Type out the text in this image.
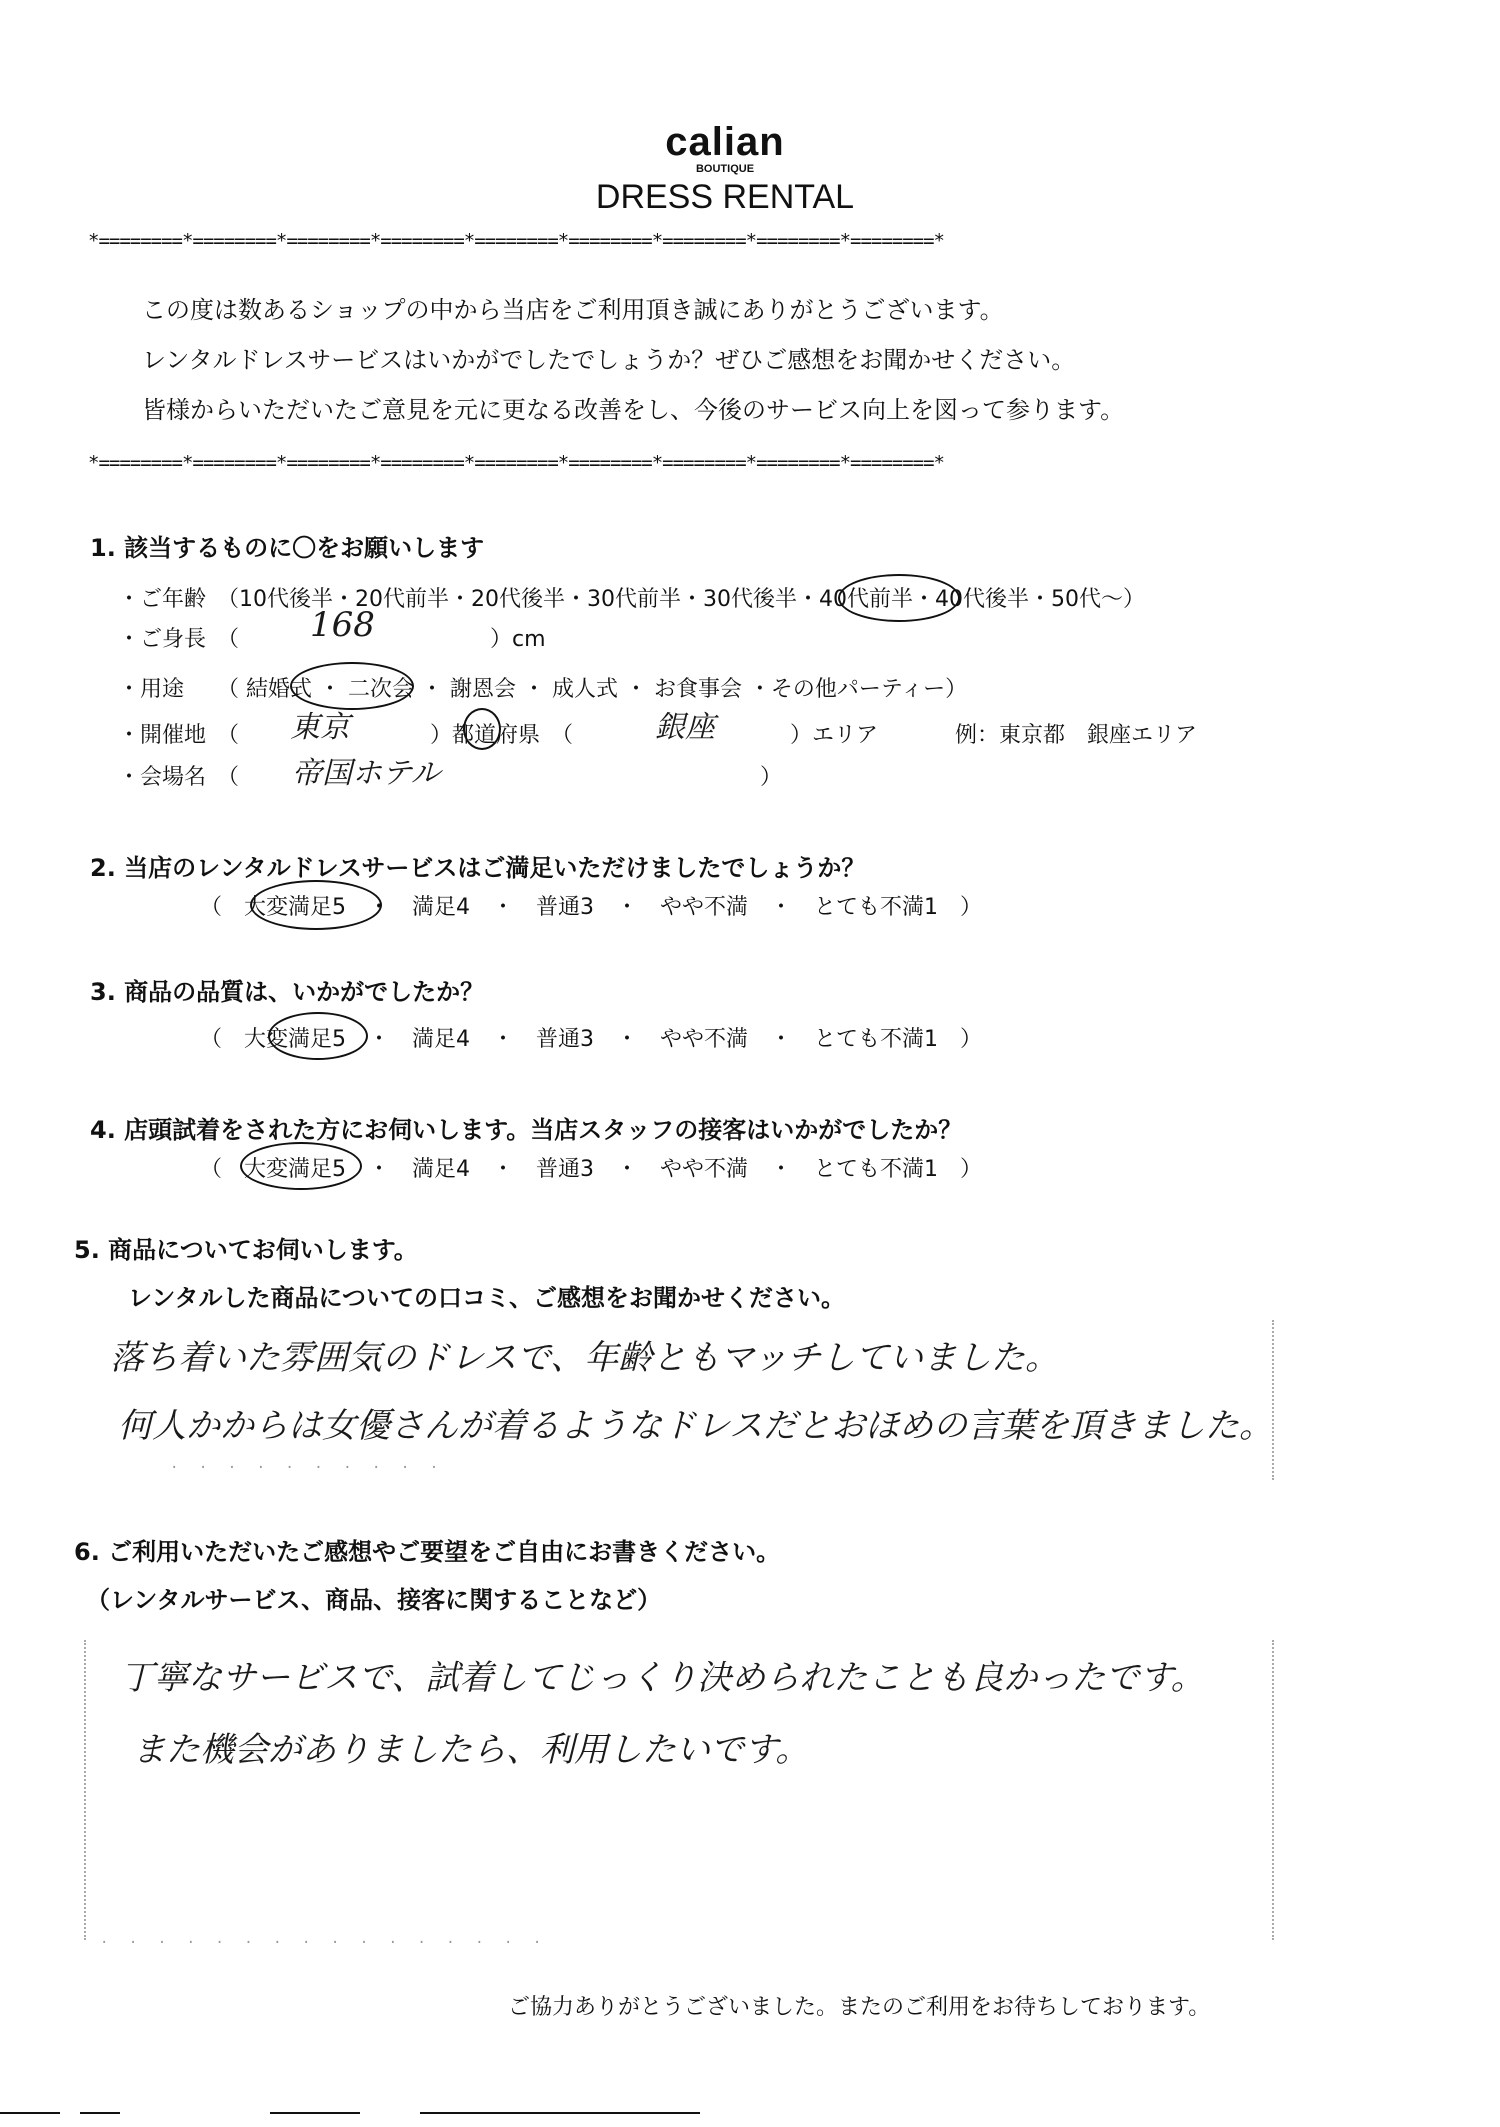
calian
BOUTIQUE
DRESS RENTAL
*========*========*========*========*========*========*========*========*========*
この度は数あるショップの中から当店をご利用頂き誠にありがとうございます。
レンタルドレスサービスはいかがでしたでしょうか？ぜひご感想をお聞かせください。
皆様からいただいたご意見を元に更なる改善をし、今後のサービス向上を図って参ります。
*========*========*========*========*========*========*========*========*========*
1. 該当するものに〇をお願いします
・ご年齢　（10代後半・20代前半・20代後半・30代前半・30代後半・40代前半・40代後半・50代～）
・ご身長　（ 168	）cm
・用途　　（ 結婚式 ・ 二次会 ・ 謝恩会 ・ 成人式 ・ お食事会 ・その他パーティー）
・開催地　（ 東京	）都道府県　（	銀座	）エリア	例：東京都　銀座エリア
・会場名　（ 帝国ホテル	）
2. 当店のレンタルドレスサービスはご満足いただけましたでしょうか？
（　大変満足5　・　満足4　・　普通3　・　やや不満　・　とても不満1　）
3. 商品の品質は、いかがでしたか？
（　大変満足5　・　満足4　・　普通3　・　やや不満　・　とても不満1　）
4. 店頭試着をされた方にお伺いします。当店スタッフの接客はいかがでしたか？
（　大変満足5　・　満足4　・　普通3　・　やや不満　・　とても不満1　）
5. 商品についてお伺いします。
レンタルした商品についての口コミ、ご感想をお聞かせください。
落ち着いた雰囲気のドレスで、年齢ともマッチしていました。
何人かからは女優さんが着るようなドレスだとおほめの言葉を頂きました。
· · · · · · · · · ·
6. ご利用いただいたご感想やご要望をご自由にお書きください。
（レンタルサービス、商品、接客に関することなど）
丁寧なサービスで、試着してじっくり決められたことも良かったです。
また機会がありましたら、利用したいです。
· · · · · · · · · · · · · · · ·
ご協力ありがとうございました。またのご利用をお待ちしております。
